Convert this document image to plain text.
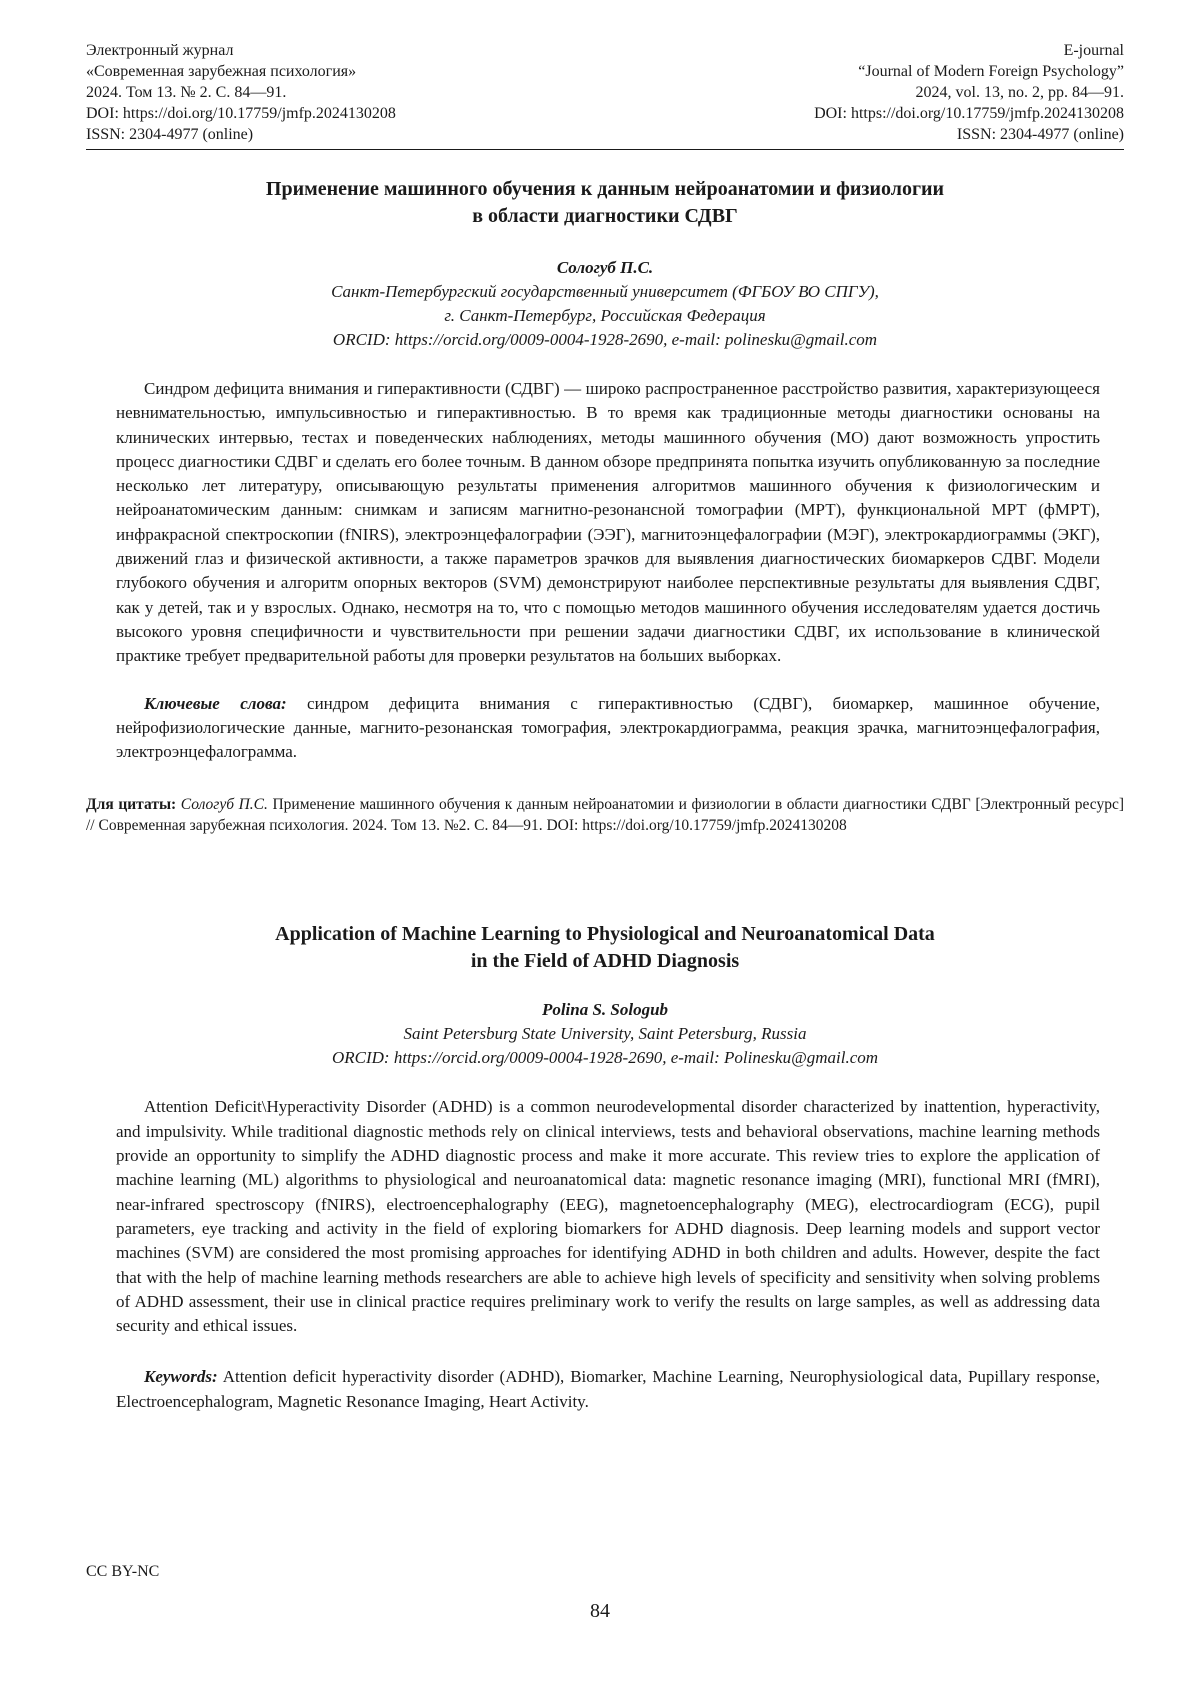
Электронный журнал
«Современная зарубежная психология»
2024. Том 13. № 2. С. 84—91.
DOI: https://doi.org/10.17759/jmfp.2024130208
ISSN: 2304-4977 (online)
E-journal
“Journal of Modern Foreign Psychology”
2024, vol. 13, no. 2, pp. 84—91.
DOI: https://doi.org/10.17759/jmfp.2024130208
ISSN: 2304-4977 (online)
Применение машинного обучения к данным нейроанатомии и физиологии
в области диагностики СДВГ
Сологуб П.С.
Санкт-Петербургский государственный университет (ФГБОУ ВО СПГУ),
г. Санкт-Петербург, Российская Федерация
ORCID: https://orcid.org/0009-0004-1928-2690, e-mail: polinesku@gmail.com
Синдром дефицита внимания и гиперактивности (СДВГ) — широко распространенное расстройство развития, характеризующееся невнимательностью, импульсивностью и гиперактивностью. В то время как традиционные методы диагностики основаны на клинических интервью, тестах и поведенческих наблюдениях, методы машинного обучения (МО) дают возможность упростить процесс диагностики СДВГ и сделать его более точным. В данном обзоре предпринята попытка изучить опубликованную за последние несколько лет литературу, описывающую результаты применения алгоритмов машинного обучения к физиологическим и нейроанатомическим данным: снимкам и записям магнитно-резонансной томографии (МРТ), функциональной МРТ (фМРТ), инфракрасной спектроскопии (fNIRS), электроэнцефалографии (ЭЭГ), магнитоэнцефалографии (МЭГ), электрокардиограммы (ЭКГ), движений глаз и физической активности, а также параметров зрачков для выявления диагностических биомаркеров СДВГ. Модели глубокого обучения и алгоритм опорных векторов (SVM) демонстрируют наиболее перспективные результаты для выявления СДВГ, как у детей, так и у взрослых. Однако, несмотря на то, что с помощью методов машинного обучения исследователям удается достичь высокого уровня специфичности и чувствительности при решении задачи диагностики СДВГ, их использование в клинической практике требует предварительной работы для проверки результатов на больших выборках.
Ключевые слова: синдром дефицита внимания с гиперактивностью (СДВГ), биомаркер, машинное обучение, нейрофизиологические данные, магнито-резонанская томография, электрокардиограмма, реакция зрачка, магнитоэнцефалография, электроэнцефалограмма.
Для цитаты: Сологуб П.С. Применение машинного обучения к данным нейроанатомии и физиологии в области диагностики СДВГ [Электронный ресурс] // Современная зарубежная психология. 2024. Том 13. №2. С. 84—91. DOI: https://doi.org/10.17759/jmfp.2024130208
Application of Machine Learning to Physiological and Neuroanatomical Data
in the Field of ADHD Diagnosis
Polina S. Sologub
Saint Petersburg State University, Saint Petersburg, Russia
ORCID: https://orcid.org/0009-0004-1928-2690, e-mail: Polinesku@gmail.com
Attention Deficit\Hyperactivity Disorder (ADHD) is a common neurodevelopmental disorder characterized by inattention, hyperactivity, and impulsivity. While traditional diagnostic methods rely on clinical interviews, tests and behavioral observations, machine learning methods provide an opportunity to simplify the ADHD diagnostic process and make it more accurate. This review tries to explore the application of machine learning (ML) algorithms to physiological and neuroanatomical data: magnetic resonance imaging (MRI), functional MRI (fMRI), near-infrared spectroscopy (fNIRS), electroencephalography (EEG), magnetoencephalography (MEG), electrocardiogram (ECG), pupil parameters, eye tracking and activity in the field of exploring biomarkers for ADHD diagnosis. Deep learning models and support vector machines (SVM) are considered the most promising approaches for identifying ADHD in both children and adults. However, despite the fact that with the help of machine learning methods researchers are able to achieve high levels of specificity and sensitivity when solving problems of ADHD assessment, their use in clinical practice requires preliminary work to verify the results on large samples, as well as addressing data security and ethical issues.
Keywords: Attention deficit hyperactivity disorder (ADHD), Biomarker, Machine Learning, Neurophysiological data, Pupillary response, Electroencephalogram, Magnetic Resonance Imaging, Heart Activity.
CC BY-NC
84
